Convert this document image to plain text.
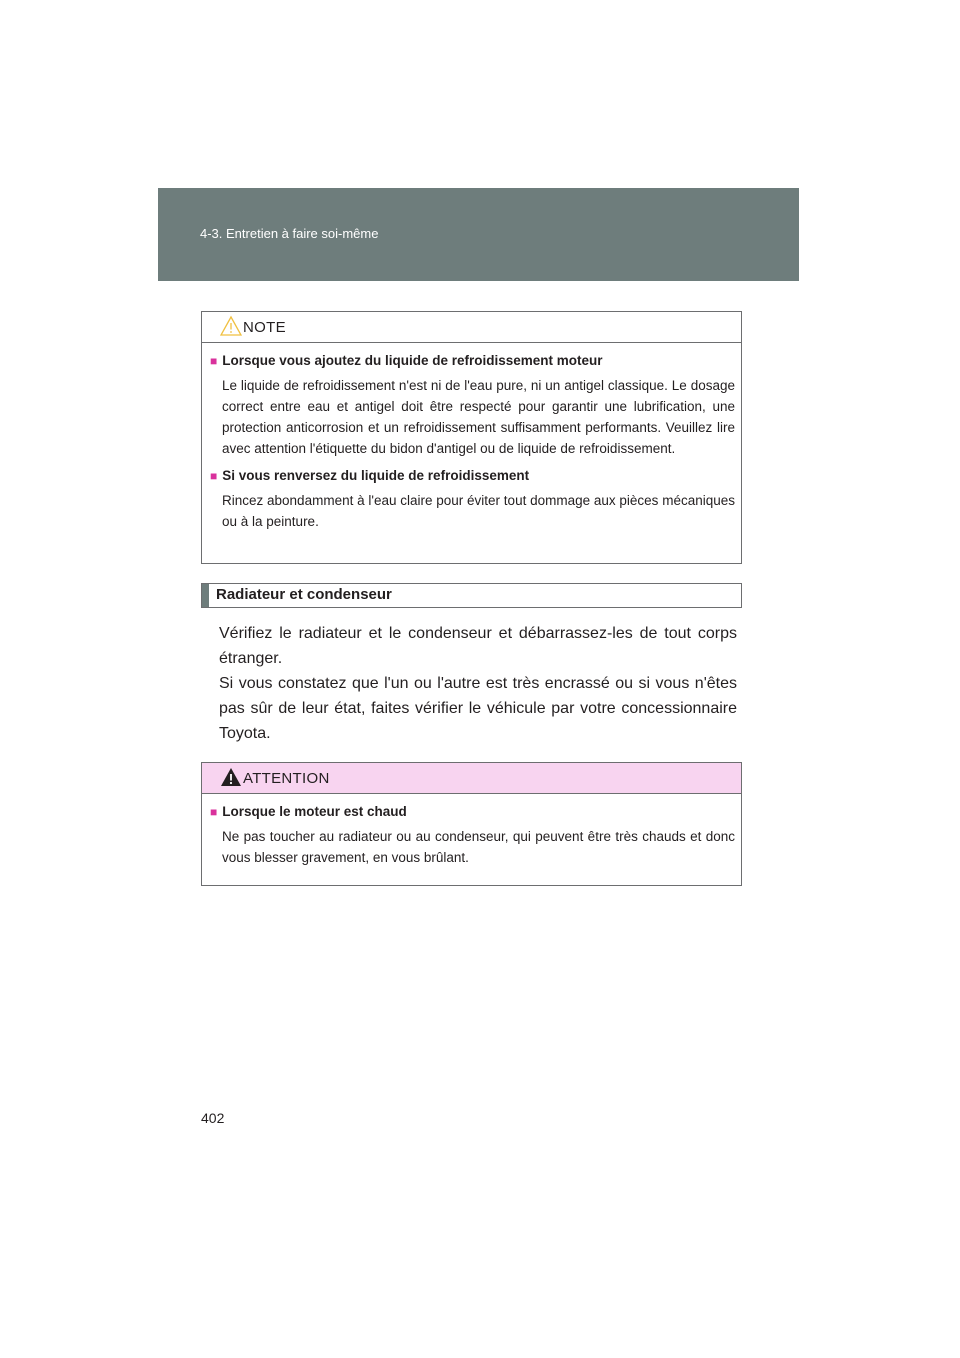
4-3. Entretien à faire soi-même
NOTE

■ Lorsque vous ajoutez du liquide de refroidissement moteur

Le liquide de refroidissement n'est ni de l'eau pure, ni un antigel classique. Le dosage correct entre eau et antigel doit être respecté pour garantir une lubrification, une protection anticorrosion et un refroidissement suffisamment performants. Veuillez lire avec attention l'étiquette du bidon d'antigel ou de liquide de refroidissement.

■ Si vous renversez du liquide de refroidissement

Rincez abondamment à l'eau claire pour éviter tout dommage aux pièces mécaniques ou à la peinture.

Radiateur et condenseur
Vérifiez le radiateur et le condenseur et débarrassez-les de tout corps étranger.
Si vous constatez que l'un ou l'autre est très encrassé ou si vous n'êtes pas sûr de leur état, faites vérifier le véhicule par votre concessionnaire Toyota.
ATTENTION

■ Lorsque le moteur est chaud

Ne pas toucher au radiateur ou au condenseur, qui peuvent être très chauds et donc vous blesser gravement, en vous brûlant.

402
